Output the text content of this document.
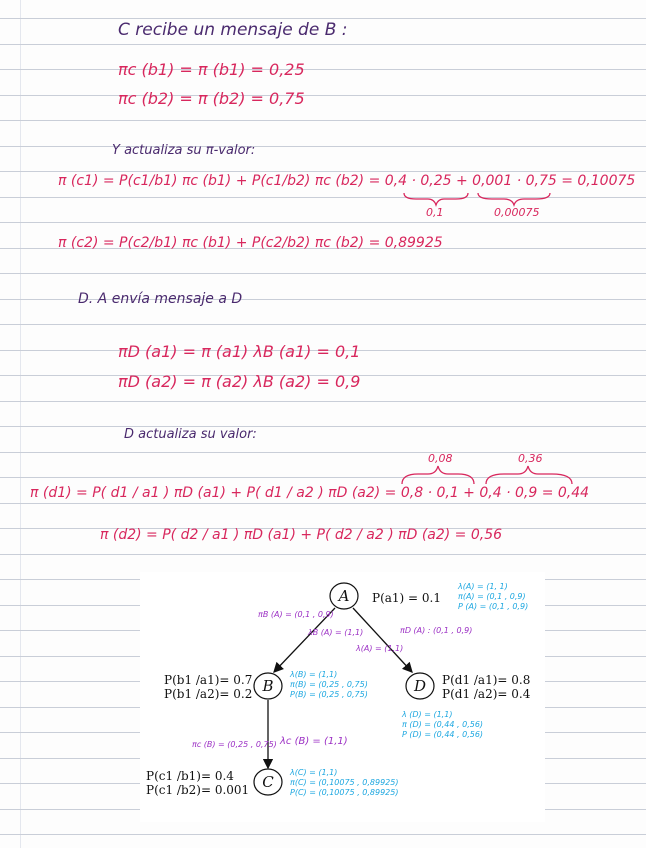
C recibe un mensaje de B :
πc (b1) = π (b1) = 0,25
πc (b2) = π (b2) = 0,75
Y actualiza su π-valor:
π (c1) = P(c1/b1) πc (b1) + P(c1/b2) πc (b2) = 0,4 · 0,25 + 0,001 · 0,75 = 0,10075
0,1	0,00075
π (c2) = P(c2/b1) πc (b1) + P(c2/b2) πc (b2) = 0,89925
D. A envía mensaje a D
πD (a1) = π (a1) λB (a1) = 0,1
πD (a2) = π (a2) λB (a2) = 0,9
D actualiza su valor:
0,08	0,36
π (d1) = P( d1 / a1 ) πD (a1) + P( d1 / a2 ) πD (a2) = 0,8 · 0,1 + 0,4 · 0,9 = 0,44
π (d2) = P( d2 / a1 ) πD (a1) + P( d2 / a2 ) πD (a2) = 0,56
A
B	D
C
P(a1) = 0.1
P(b1 /a1)= 0.7
P(b1 /a2)= 0.2
P(c1 /b1)= 0.4
P(c1 /b2)= 0.001
P(d1 /a1)= 0.8
P(d1 /a2)= 0.4
λ(A) = (1, 1)
π(A) = (0,1 , 0,9)
P (A) = (0,1 , 0,9)
πB (A) = (0,1 , 0,9)
λB (A) = (1,1)	πD (A) : (0,1 , 0,9)
λ(A) = (1,1)
λ(B) = (1,1)
π(B) = (0,25 , 0,75)
P(B) = (0,25 , 0,75)
πc (B) = (0,25 , 0,75) λc (B) = (1,1)
λ (D) = (1,1)
π (D) = (0,44 , 0,56)
P (D) = (0,44 , 0,56)
λ(C) = (1,1)
π(C) = (0,10075 , 0,89925)
P(C) = (0,10075 , 0,89925)
